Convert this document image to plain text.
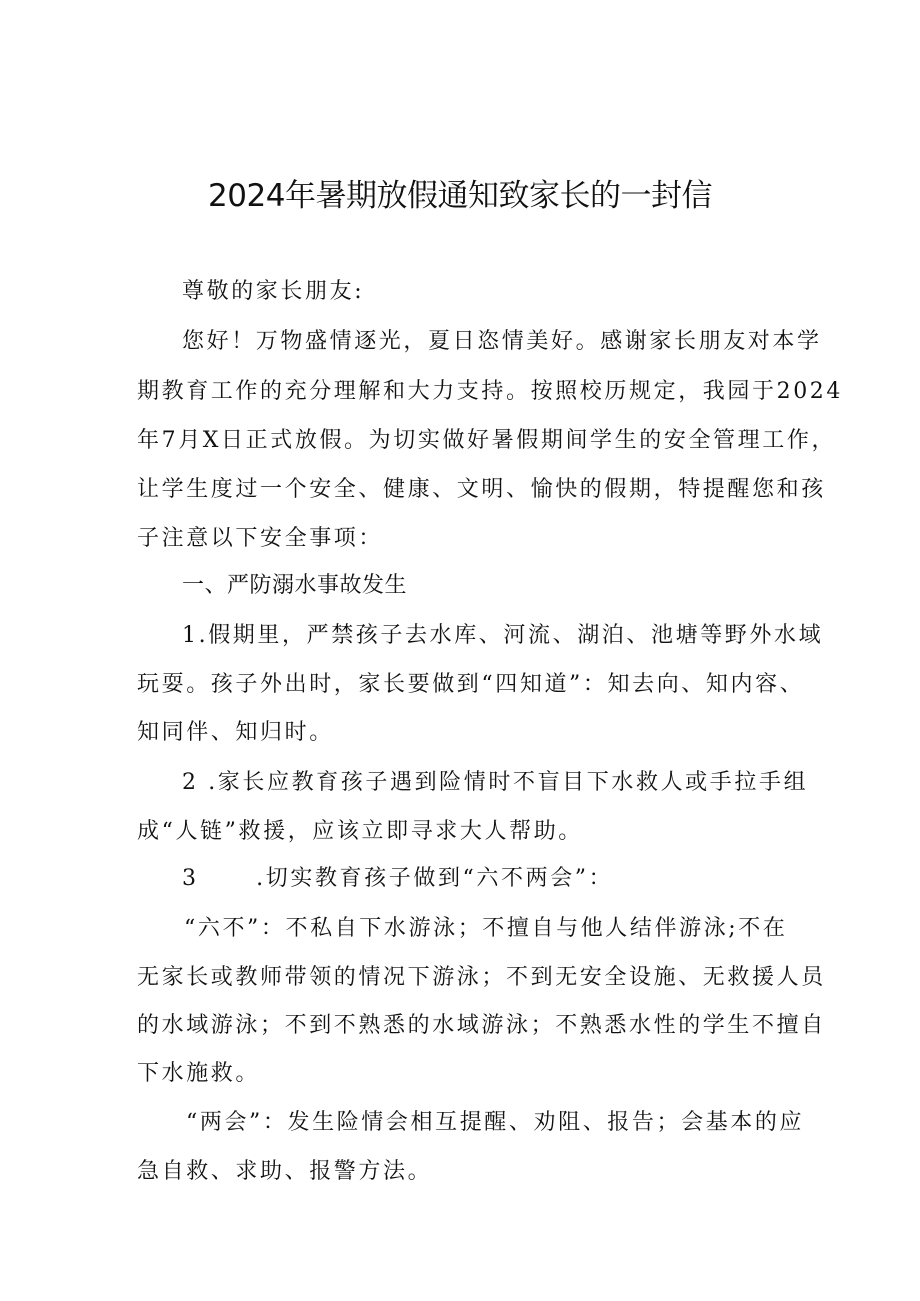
2024年暑期放假通知致家长的一封信
尊敬的家长朋友:
您好！万物盛情逐光，夏日恣情美好。感谢家长朋友对本学
期教育工作的充分理解和大力支持。按照校历规定，我园于2024
年7月X日正式放假。为切实做好暑假期间学生的安全管理工作，
让学生度过一个安全、健康、文明、愉快的假期，特提醒您和孩
子注意以下安全事项：
一、严防溺水事故发生
1.假期里，严禁孩子去水库、河流、湖泊、池塘等野外水域
玩耍。孩子外出时，家长要做到“四知道”：知去向、知内容、
知同伴、知归时。
2 .家长应教育孩子遇到险情时不盲目下水救人或手拉手组
成“人链”救援，应该立即寻求大人帮助。
3      .切实教育孩子做到“六不两会”：
“六不”：不私自下水游泳；不擅自与他人结伴游泳;不在
无家长或教师带领的情况下游泳；不到无安全设施、无救援人员
的水域游泳；不到不熟悉的水域游泳；不熟悉水性的学生不擅自
下水施救。
“两会”：发生险情会相互提醒、劝阻、报告；会基本的应
急自救、求助、报警方法。
